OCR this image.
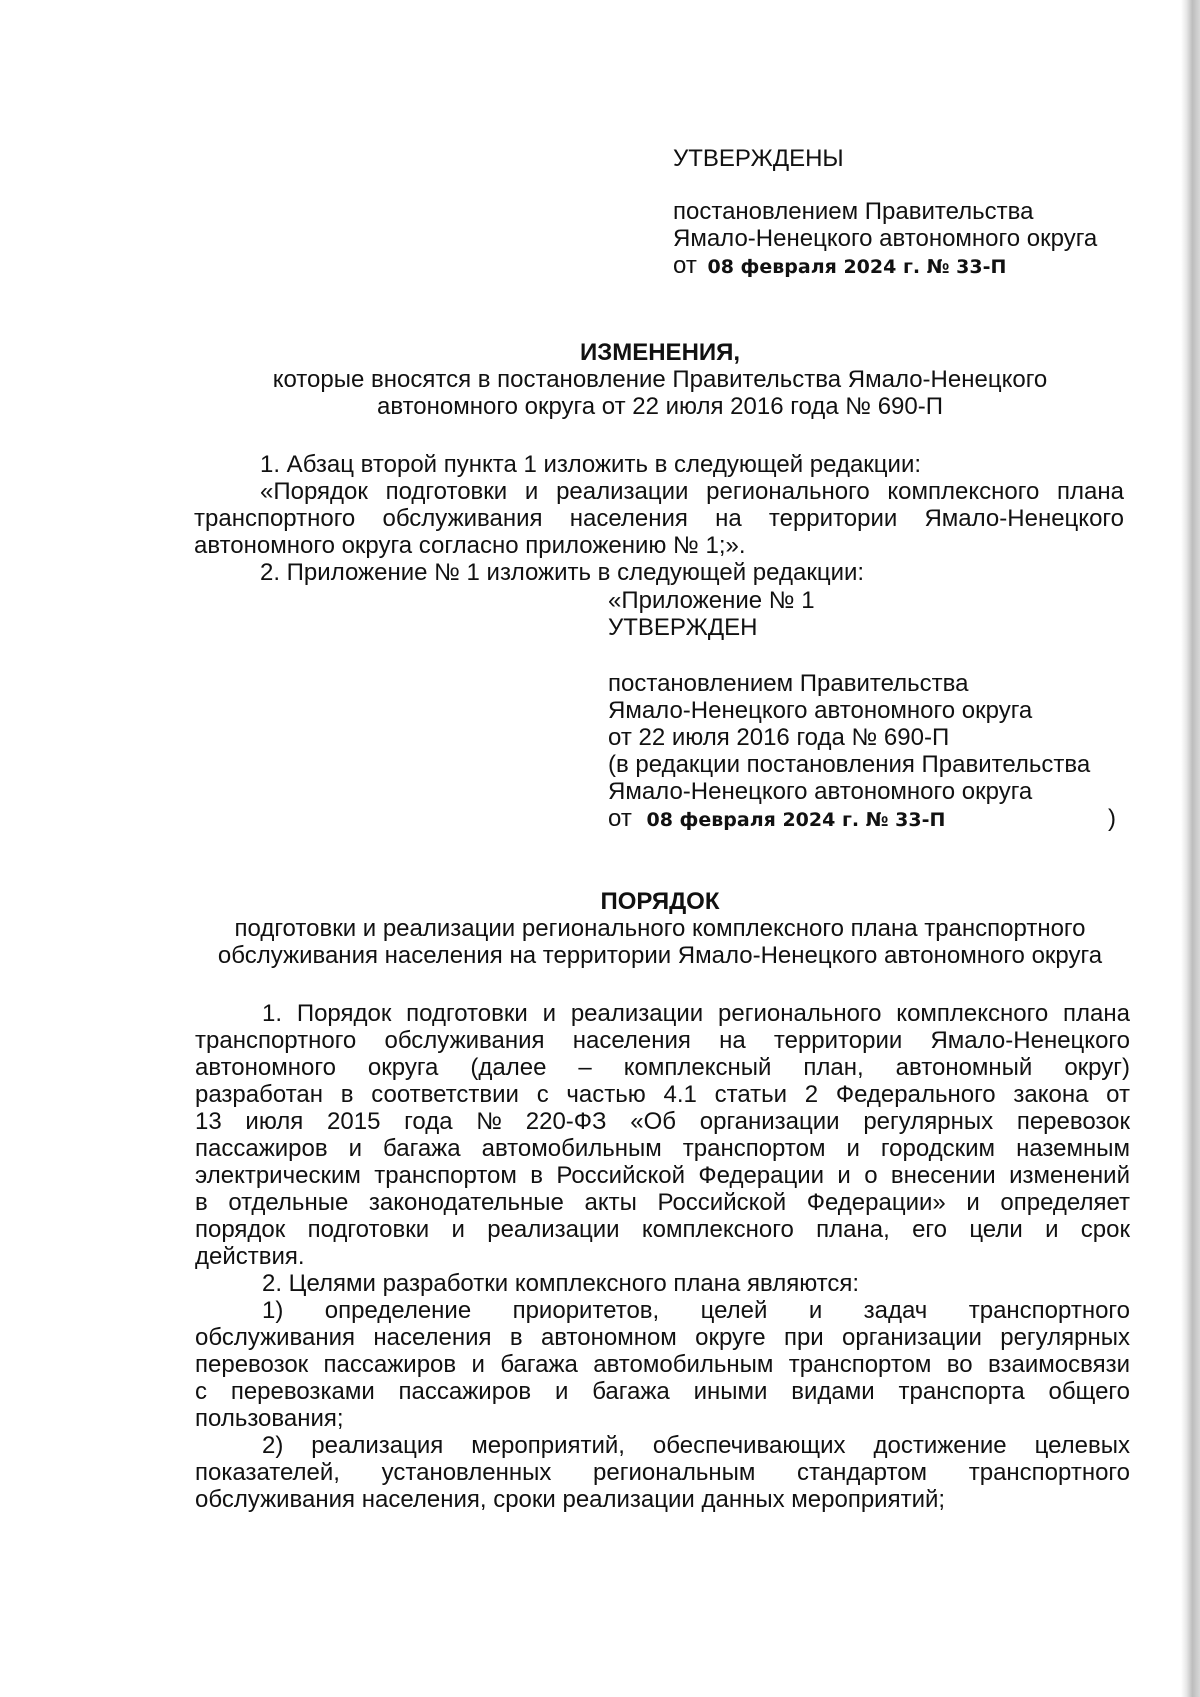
УТВЕРЖДЕНЫ
постановлением Правительства
Ямало-Ненецкого автономного округа
от 08 февраля 2024 г. № 33-П
ИЗМЕНЕНИЯ,
которые вносятся в постановление Правительства Ямало-Ненецкого
автономного округа от 22 июля 2016 года № 690-П
1. Абзац второй пункта 1 изложить в следующей редакции:
«Порядок подготовки и реализации регионального комплексного плана
транспортного обслуживания населения на территории Ямало-Ненецкого
автономного округа согласно приложению № 1;».
2. Приложение № 1 изложить в следующей редакции:
«Приложение № 1
УТВЕРЖДЕН
постановлением Правительства
Ямало-Ненецкого автономного округа
от 22 июля 2016 года № 690-П
(в редакции постановления Правительства
Ямало-Ненецкого автономного округа
от 08 февраля 2024 г. № 33-П	)
ПОРЯДОК
подготовки и реализации регионального комплексного плана транспортного
обслуживания населения на территории Ямало-Ненецкого автономного округа
1. Порядок подготовки и реализации регионального комплексного плана
транспортного обслуживания населения на территории Ямало-Ненецкого
автономного округа (далее – комплексный план, автономный округ)
разработан в соответствии с частью 4.1 статьи 2 Федерального закона от
13 июля 2015 года № 220-ФЗ «Об организации регулярных перевозок
пассажиров и багажа автомобильным транспортом и городским наземным
электрическим транспортом в Российской Федерации и о внесении изменений
в отдельные законодательные акты Российской Федерации» и определяет
порядок подготовки и реализации комплексного плана, его цели и срок
действия.
2. Целями разработки комплексного плана являются:
1) определение приоритетов, целей и задач транспортного
обслуживания населения в автономном округе при организации регулярных
перевозок пассажиров и багажа автомобильным транспортом во взаимосвязи
с перевозками пассажиров и багажа иными видами транспорта общего
пользования;
2) реализация мероприятий, обеспечивающих достижение целевых
показателей, установленных региональным стандартом транспортного
обслуживания населения, сроки реализации данных мероприятий;
